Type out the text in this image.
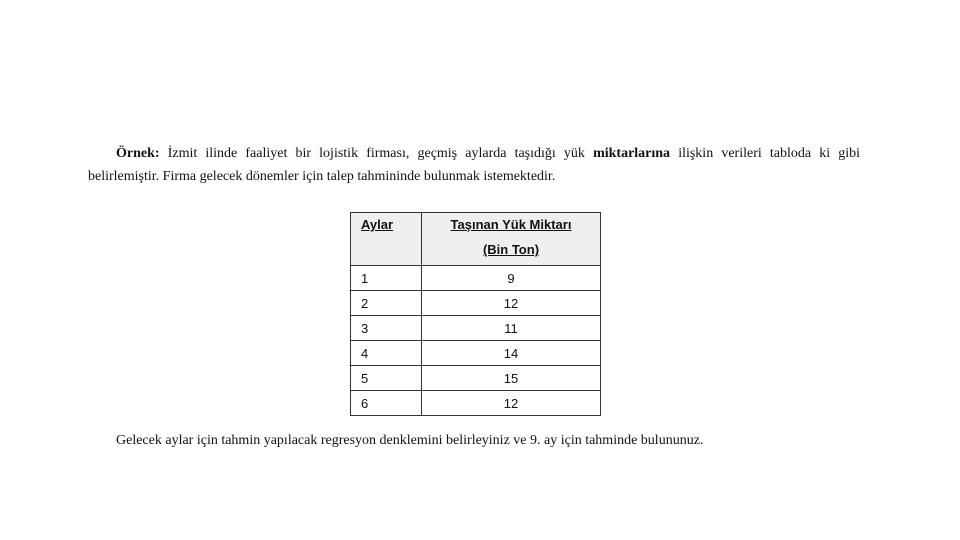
Örnek: İzmit ilinde faaliyet bir lojistik firması, geçmiş aylarda taşıdığı yük miktarlarına ilişkin verileri tabloda ki gibi belirlemiştir. Firma gelecek dönemler için talep tahmininde bulunmak istemektedir.
Aylar	Taşınan Yük Miktarı
(Bin Ton)

1	9
2	12
3	11
4	14
5	15
6	12
Gelecek aylar için tahmin yapılacak regresyon denklemini belirleyiniz ve 9. ay için tahminde bulununuz.
